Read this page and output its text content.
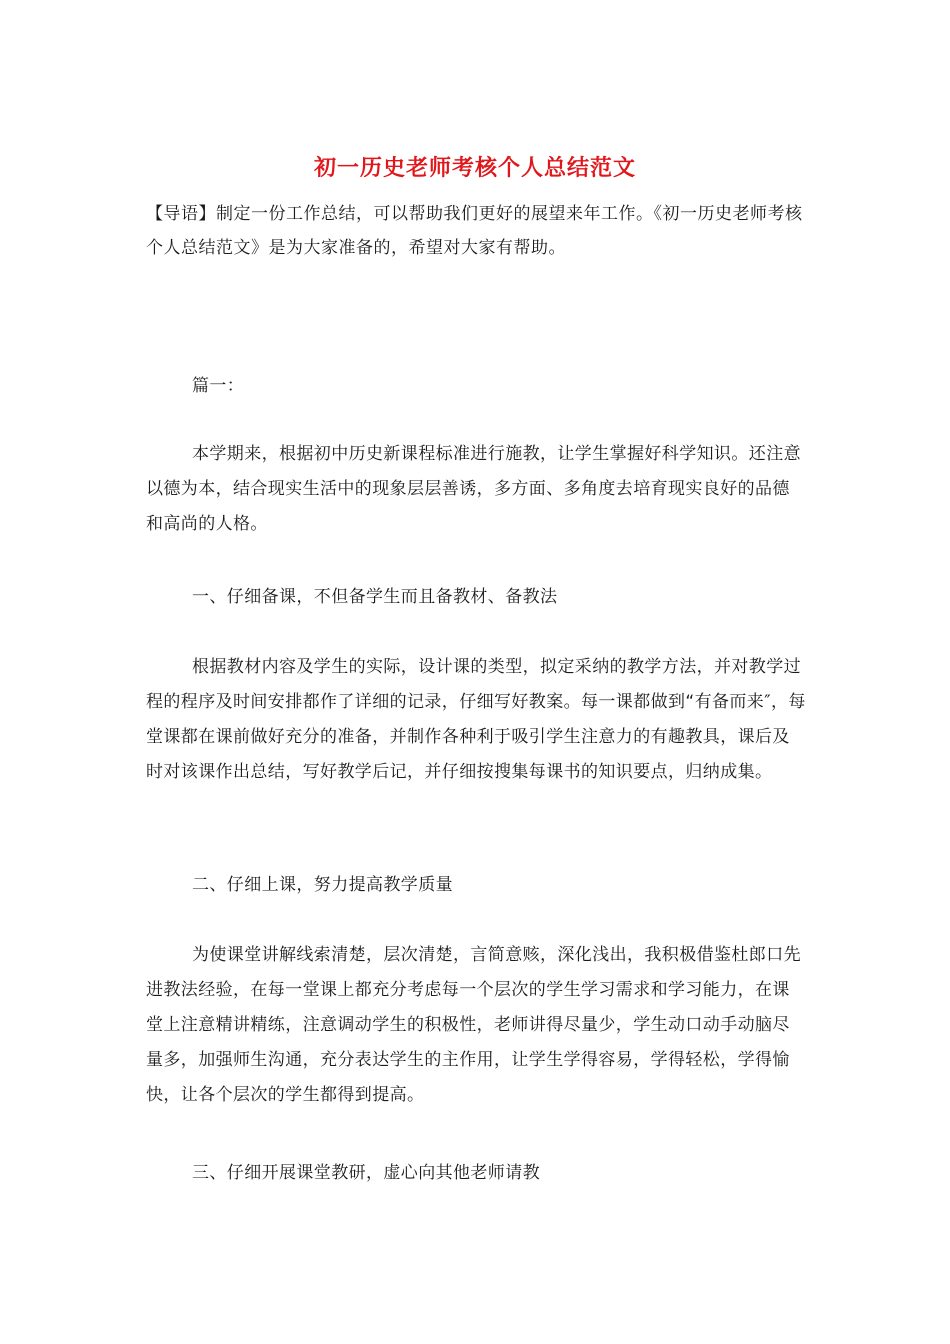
初一历史老师考核个人总结范文
【导语】制定一份工作总结，可以帮助我们更好的展望来年工作。《初一历史老师考核个人总结范文》是为大家准备的，希望对大家有帮助。
篇一：
本学期来，根据初中历史新课程标准进行施教，让学生掌握好科学知识。还注意以德为本，结合现实生活中的现象层层善诱，多方面、多角度去培育现实良好的品德和高尚的人格。
一、仔细备课，不但备学生而且备教材、备教法
根据教材内容及学生的实际，设计课的类型，拟定采纳的教学方法，并对教学过程的程序及时间安排都作了详细的记录，仔细写好教案。每一课都做到“有备而来″，每堂课都在课前做好充分的准备，并制作各种利于吸引学生注意力的有趣教具，课后及时对该课作出总结，写好教学后记，并仔细按搜集每课书的知识要点，归纳成集。
二、仔细上课，努力提高教学质量
为使课堂讲解线索清楚，层次清楚，言简意赅，深化浅出，我积极借鉴杜郎口先进教法经验，在每一堂课上都充分考虑每一个层次的学生学习需求和学习能力，在课堂上注意精讲精练，注意调动学生的积极性，老师讲得尽量少，学生动口动手动脑尽量多，加强师生沟通，充分表达学生的主作用，让学生学得容易，学得轻松，学得愉快，让各个层次的学生都得到提高。
三、仔细开展课堂教研，虚心向其他老师请教
